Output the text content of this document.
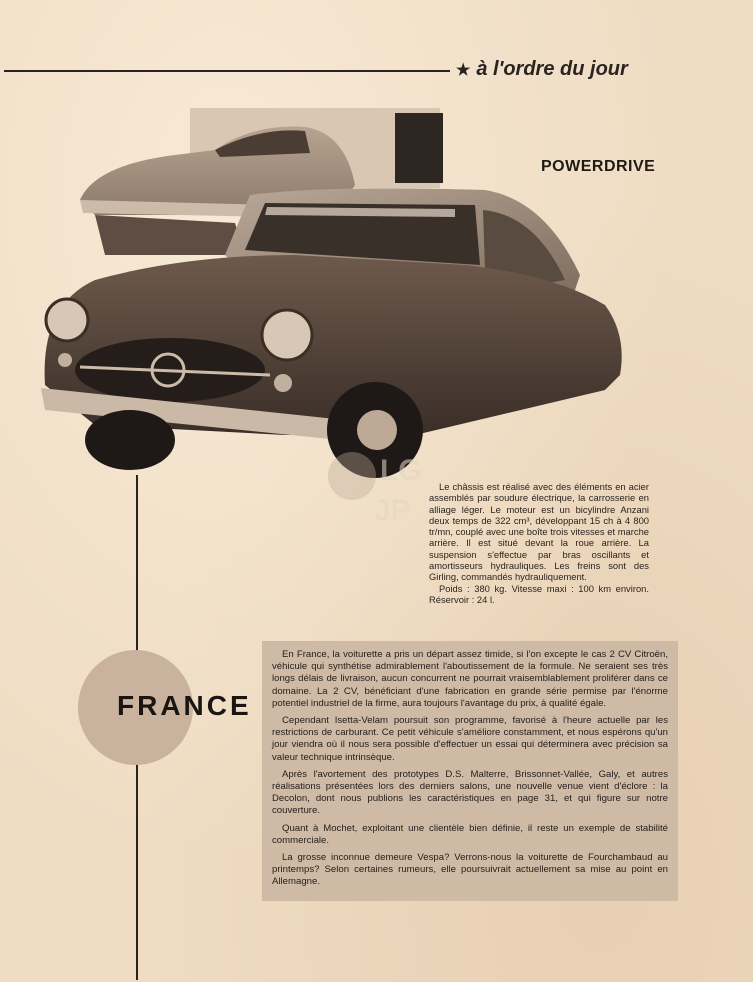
★ à l'ordre du jour
POWERDRIVE
LG
JP

Le châssis est réalisé avec des éléments en acier assemblés par soudure électrique, la carrosserie en alliage léger. Le moteur est un bicylindre Anzani deux temps de 322 cm³, développant 15 ch à 4 800 tr/mn, couplé avec une boîte trois vitesses et marche arrière. Il est situé devant la roue arrière. La suspension s'effectue par bras oscillants et amortisseurs hydrauliques. Les freins sont des Girling, commandés hydrauliquement.

Poids : 380 kg. Vitesse maxi : 100 km environ. Réservoir : 24 l.

FRANCE

En France, la voiturette a pris un départ assez timide, si l'on excepte le cas 2 CV Citroën, véhicule qui synthétise admirablement l'aboutissement de la formule. Ne seraient ses très longs délais de livraison, aucun concurrent ne pourrait vraisemblablement proliférer dans ce domaine. La 2 CV, bénéficiant d'une fabrication en grande série permise par l'énorme potentiel industriel de la firme, aura toujours l'avantage du prix, à qualité égale.

Cependant Isetta-Velam poursuit son programme, favorisé à l'heure actuelle par les restrictions de carburant. Ce petit véhicule s'améliore constamment, et nous espérons qu'un jour viendra où il nous sera possible d'effectuer un essai qui déterminera avec précision sa valeur technique intrinsèque.

Après l'avortement des prototypes D.S. Malterre, Brissonnet-Vallée, Galy, et autres réalisations présentées lors des derniers salons, une nouvelle venue vient d'éclore : la Decolon, dont nous publions les caractéristiques en page 31, et qui figure sur notre couverture.

Quant à Mochet, exploitant une clientèle bien définie, il reste un exemple de stabilité commerciale.

La grosse inconnue demeure Vespa? Verrons-nous la voiturette de Fourchambaud au printemps? Selon certaines rumeurs, elle poursuivrait actuellement sa mise au point en Allemagne.
